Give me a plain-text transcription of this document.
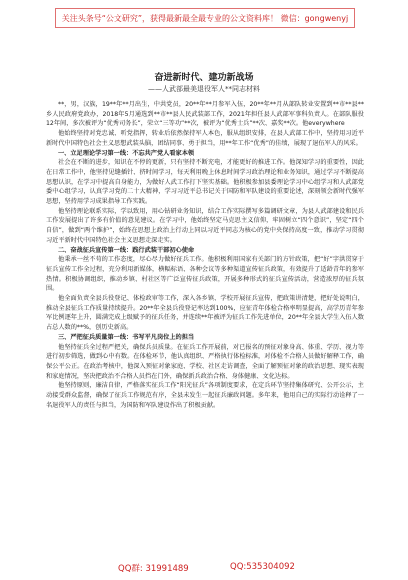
关注头条号“公文研究”，获得最新最全最专业的公文资料库！ 微信：gongwenyj
奋进新时代、建功新战场
——人武部最美退役军人**同志材料

**，男，汉族，19**年**月出生，中共党员，20**年**月参军入伍，20**年**月从部队转业安置到**市**县**乡人民政府党政办，2018年5月通选到**市**县人民武装部工作，2021年担任县人武部军事科负责人。在部队服役12年间，多次被评为“优秀司务长”，荣立“三等功”**次，被评为“优秀士兵”**次、嘉奖**次。他everywhere

他始终坚持对党忠诚、听党指挥，转业后依然保持军人本色，服从组织安排，在县人武部工作中，坚持用习近平新时代中国特色社会主义思想武装头脑，团结同事、勇于担当，用**年工作“优秀”的佳绩，展现了退伍军人的风采。

一、立足理论学习第一线：不忘共产党人看家本领

社会在不断的进步，知识在不停的更新，只有坚持不断充电，才能更好的推进工作。他深知学习的重要性，因此在日常工作中，他坚持见缝插针、挤时间学习，每天利用晚上休息时间学习政治理论和业务知识，通过学习不断提高思想认识，在学习中提高自身能力，为做好人武工作打下坚实基础。他积极参加县委理论学习中心组学习和人武部党委中心组学习，认真学习党的二十大精神，学习习近平总书记关于国防和军队建设的重要论述，深刻领会新时代强军思想，坚持用学习成果指导工作实践。

他坚持理论联系实际，学以致用，用心钻研业务知识，结合工作实际撰写多篇调研文章，为县人武部建设和民兵工作发展提出了许多有价值的意见建议。在学习中，他始终坚定马克思主义信仰，牢固树立“四个意识”，坚定“四个自信”，做到“两个维护”，始终在思想上政治上行动上同以习近平同志为核心的党中央保持高度一致，推动学习贯彻习近平新时代中国特色社会主义思想走深走实。

二、奋战征兵宣传第一线：践行武装干部初心使命

他秉承一丝不苟的工作态度，尽心尽力做好征兵工作。他积极利用国家有关部门的方针政策，把“好”字洪贯穿于征兵宣传工作全过程，充分利用新媒体，横幅标语、各种会议等多种渠道宣传征兵政策，有效提升了适龄青年的参军热情。积极协调组织，推动乡镇、村社区等广泛宣传征兵政策，开展多种形式的征兵宣传活动，营造浓厚的征兵氛围。

他全面负责全县兵役登记、体检政审等工作，深入各乡镇、学校开展征兵宣传，把政策讲清楚，把好处说明白，推动全县征兵工作质量持续提升。20**年全县兵役登记率达到100%，应征青年体检合格率明显提高，高学历青年参军比例逐年上升，圆满完成上级赋予的征兵任务，并连续**年被评为征兵工作先进单位，20**年全县大学生入伍人数占总人数的**%，创历史新高。

三、严把征兵质量第一线：书写平凡岗位上的担当

他坚持征兵全过程严把关，确保兵员质量。在征兵工作开展前，对已报名的预征对象身高、体重、学历、视力等进行初步筛选，做到心中有数。在体检环节，他认真组织、严格执行体检标准，对体检不合格人员做好解释工作，确保公平公正。在政治考核中，他深入预征对象家庭、学校、社区走访调查，全面了解预征对象的政治思想、现实表现和家庭情况，坚决把政治不合格人员挡在门外，确保新兵政治合格、身体健康、文化达标。

他坚持原则，廉洁自律，严格落实征兵工作“阳光征兵”各项制度要求，在定兵环节坚持集体研究、公开公示，主动接受群众监督，确保了征兵工作规范有序，全县未发生一起征兵廉政问题。多年来，他用自己的实际行动诠释了一名退役军人的责任与担当，为国防和军队建设作出了积极贡献。

QQ群: 31991489	QQ:535304092
